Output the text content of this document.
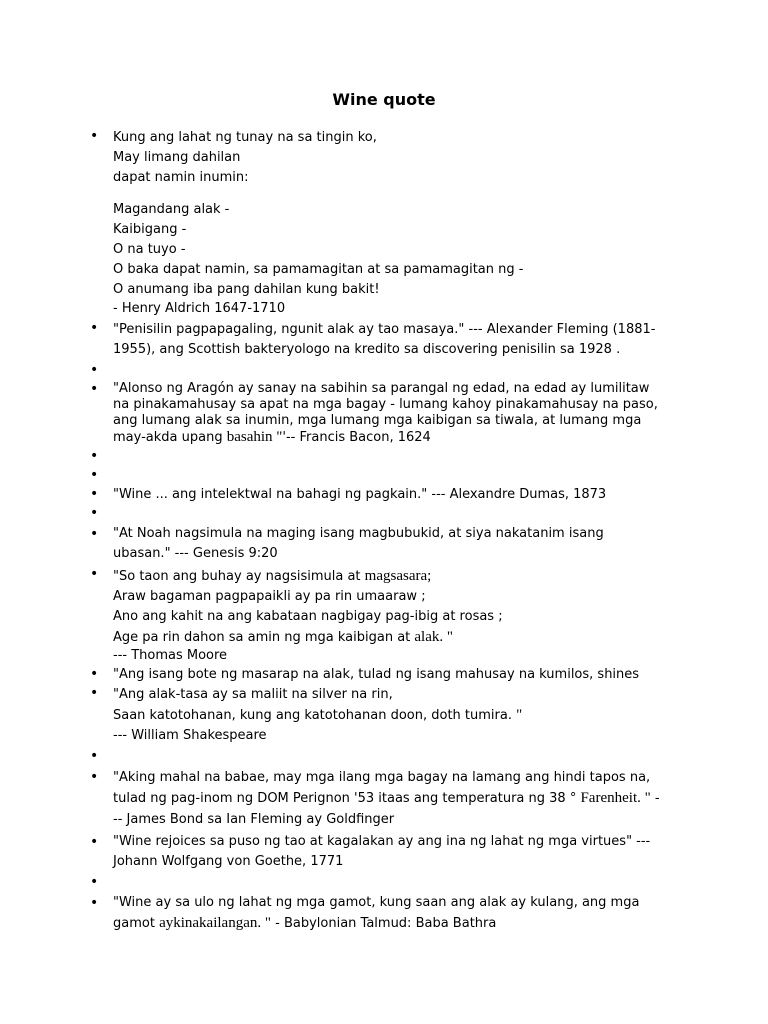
Wine quote
• Kung ang lahat ng tunay na sa tingin ko,
May limang dahilan
dapat namin inumin:
Magandang alak -
Kaibigang -
O na tuyo -
O baka dapat namin, sa pamamagitan at sa pamamagitan ng -
O anumang iba pang dahilan kung bakit!
- Henry Aldrich 1647-1710
• "Penisilin pagpapagaling, ngunit alak ay tao masaya." --- Alexander Fleming (1881-1955), ang Scottish bakteryologo na kredito sa discovering penisilin sa 1928 .
•
• "Alonso ng Aragón ay sanay na sabihin sa parangal ng edad, na edad ay lumilitaw na pinakamahusay sa apat na mga bagay - lumang kahoy pinakamahusay na paso, ang lumang alak sa inumin, mga lumang mga kaibigan sa tiwala, at lumang mga may-akda upang basahin "'-- Francis Bacon, 1624
•
•
• "Wine ... ang intelektwal na bahagi ng pagkain." --- Alexandre Dumas, 1873
•
• "At Noah nagsimula na maging isang magbubukid, at siya nakatanim isang ubasan." --- Genesis 9:20
• "So taon ang buhay ay nagsisimula at magsasara;
Araw bagaman pagpapaikli ay pa rin umaaraw ;
Ano ang kahit na ang kabataan nagbigay pag-ibig at rosas ;
Age pa rin dahon sa amin ng mga kaibigan at alak. "
--- Thomas Moore
• "Ang isang bote ng masarap na alak, tulad ng isang mahusay na kumilos, shines
• "Ang alak-tasa ay sa maliit na silver na rin,
Saan katotohanan, kung ang katotohanan doon, doth tumira. "
--- William Shakespeare
•
• "Aking mahal na babae, may mga ilang mga bagay na lamang ang hindi tapos na, tulad ng pag-inom ng DOM Perignon '53 itaas ang temperatura ng 38 ° Farenheit. " --- James Bond sa Ian Fleming ay Goldfinger
• "Wine rejoices sa puso ng tao at kagalakan ay ang ina ng lahat ng mga virtues" --- Johann Wolfgang von Goethe, 1771
•
• "Wine ay sa ulo ng lahat ng mga gamot, kung saan ang alak ay kulang, ang mga gamot aykinakailangan. " - Babylonian Talmud: Baba Bathra
